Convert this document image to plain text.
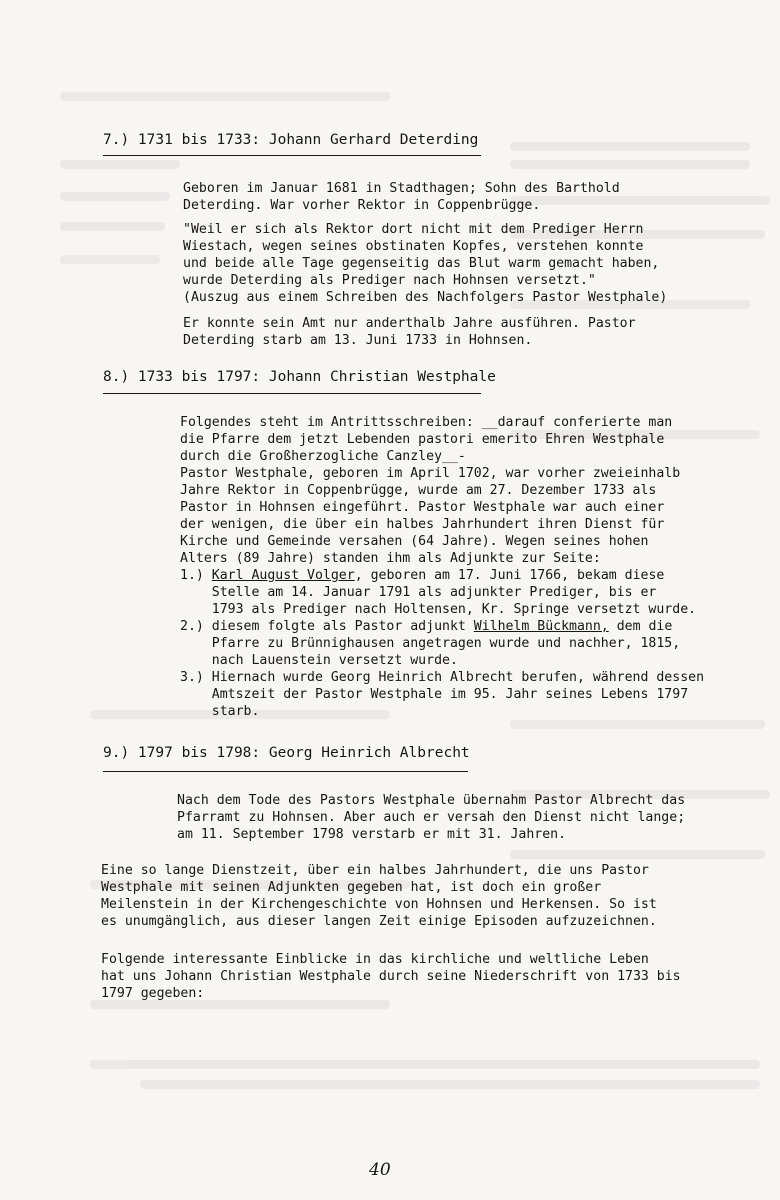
7.) 1731 bis 1733: Johann Gerhard Deterding
Geboren im Januar 1681 in Stadthagen; Sohn des Barthold
Deterding. War vorher Rektor in Coppenbrügge.
"Weil er sich als Rektor dort nicht mit dem Prediger Herrn
Wiestach, wegen seines obstinaten Kopfes, verstehen konnte
und beide alle Tage gegenseitig das Blut warm gemacht haben,
wurde Deterding als Prediger nach Hohnsen versetzt."
(Auszug aus einem Schreiben des Nachfolgers Pastor Westphale)
Er konnte sein Amt nur anderthalb Jahre ausführen. Pastor
Deterding starb am 13. Juni 1733 in Hohnsen.
8.) 1733 bis 1797: Johann Christian Westphale
Folgendes steht im Antrittsschreiben: __darauf conferierte man
die Pfarre dem jetzt Lebenden pastori emerito Ehren Westphale
durch die Großherzogliche Canzley__-
Pastor Westphale, geboren im April 1702, war vorher zweieinhalb
Jahre Rektor in Coppenbrügge, wurde am 27. Dezember 1733 als
Pastor in Hohnsen eingeführt. Pastor Westphale war auch einer
der wenigen, die über ein halbes Jahrhundert ihren Dienst für
Kirche und Gemeinde versahen (64 Jahre). Wegen seines hohen
Alters (89 Jahre) standen ihm als Adjunkte zur Seite:
1.) Karl August Volger, geboren am 17. Juni 1766, bekam diese
Stelle am 14. Januar 1791 als adjunkter Prediger, bis er
1793 als Prediger nach Holtensen, Kr. Springe versetzt wurde.
2.) diesem folgte als Pastor adjunkt Wilhelm Bückmann, dem die
Pfarre zu Brünnighausen angetragen wurde und nachher, 1815,
nach Lauenstein versetzt wurde.
3.) Hiernach wurde Georg Heinrich Albrecht berufen, während dessen
Amtszeit der Pastor Westphale im 95. Jahr seines Lebens 1797
starb.
9.) 1797 bis 1798: Georg Heinrich Albrecht
Nach dem Tode des Pastors Westphale übernahm Pastor Albrecht das
Pfarramt zu Hohnsen. Aber auch er versah den Dienst nicht lange;
am 11. September 1798 verstarb er mit 31. Jahren.
Eine so lange Dienstzeit, über ein halbes Jahrhundert, die uns Pastor
Westphale mit seinen Adjunkten gegeben hat, ist doch ein großer
Meilenstein in der Kirchengeschichte von Hohnsen und Herkensen. So ist
es unumgänglich, aus dieser langen Zeit einige Episoden aufzuzeichnen.
Folgende interessante Einblicke in das kirchliche und weltliche Leben
hat uns Johann Christian Westphale durch seine Niederschrift von 1733 bis
1797 gegeben:
40
